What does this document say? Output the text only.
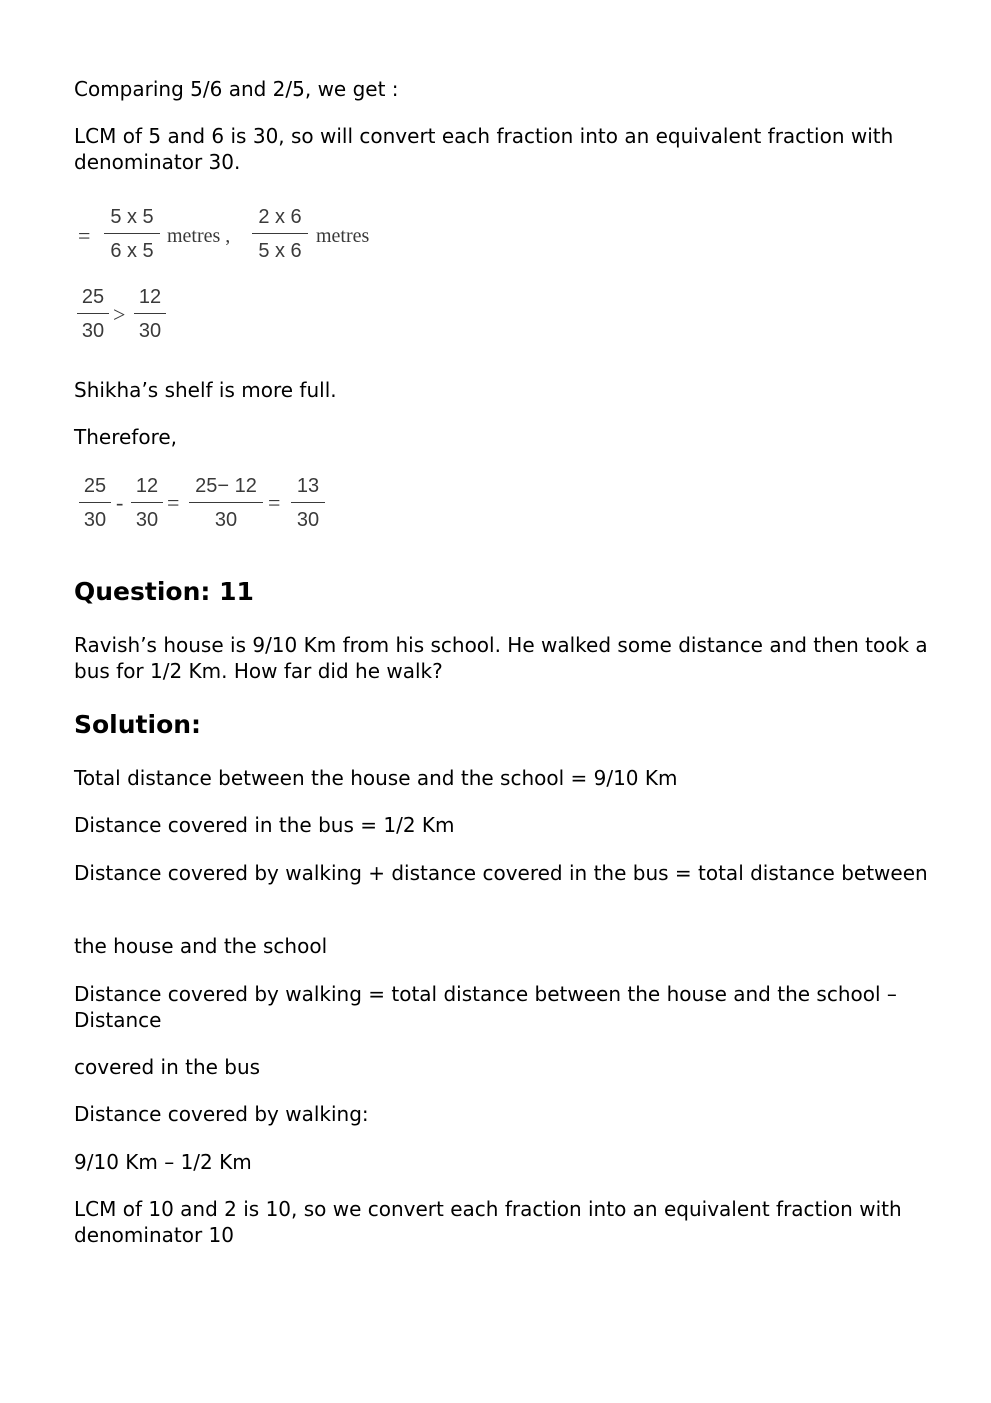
Comparing 5/6 and 2/5, we get :

LCM of 5 and 6 is 30, so will convert each fraction into an equivalent fraction with denominator 30.

= $\frac{5 x 5}{6 x 5}$ metres , $\frac{2 x 6}{5 x 6}$ metres
$\frac{25}{30} > \frac{12}{30}$

Shikha’s shelf is more full.

Therefore,

$\frac{25}{30} - \frac{12}{30} = \frac{25- 12}{30} = \frac{13}{30}$
Question: 11

Ravish’s house is 9/10 Km from his school. He walked some distance and then took a bus for 1/2 Km. How far did he walk?

Solution:

Total distance between the house and the school = 9/10 Km

Distance covered in the bus = 1/2 Km

Distance covered by walking + distance covered in the bus = total distance between

the house and the school

Distance covered by walking = total distance between the house and the school – Distance

covered in the bus

Distance covered by walking:

9/10 Km – 1/2 Km

LCM of 10 and 2 is 10, so we convert each fraction into an equivalent fraction with denominator 10
